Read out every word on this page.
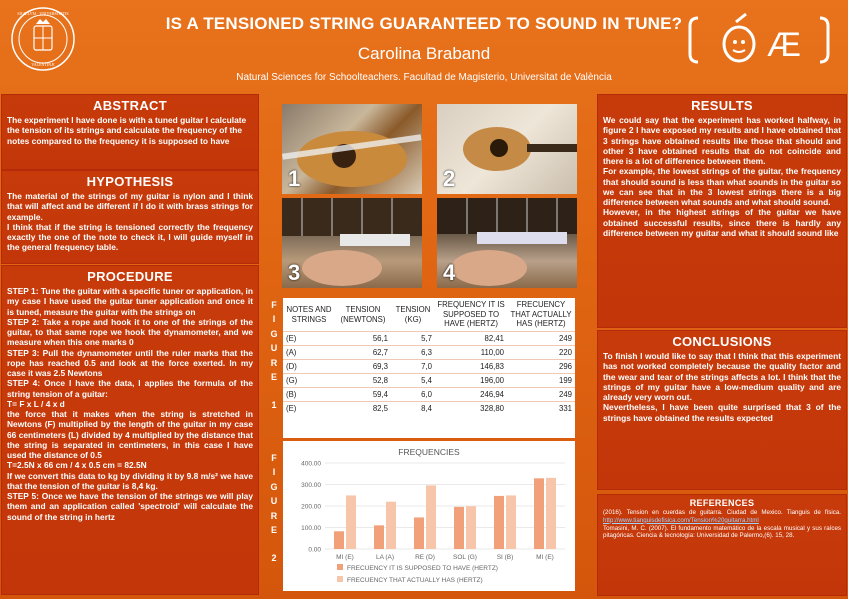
SIGILLVM · VNIVERSITATIS
VALENTINÆ
IS A TENSIONED STRING GUARANTEED TO SOUND IN TUNE?
Carolina Braband
Natural Sciences for Schoolteachers. Facultad de Magisterio, Universitat de València
Æ
ABSTRACT

The experiment I have done is with a tuned guitar I calculate the tension of its strings and calculate the frequency of the notes compared to the frequency it is supposed to have

HYPOTHESIS

The material of the strings of my guitar is nylon and I think that will affect and be different if I do it with brass strings for example.

I think that if the string is tensioned correctly the frequency exactly the one of the note to check it, I will guide myself in the general frequency table.

PROCEDURE

STEP 1: Tune the guitar with a specific tuner or application, in my case I have used the guitar tuner application and once it is tuned, measure the guitar with the strings on

STEP 2: Take a rope and hook it to one of the strings of the guitar, to that same rope we hook the dynamometer, and we measure when this one marks 0

STEP 3: Pull the dynamometer until the ruler marks that the rope has reached 0.5 and look at the force exerted. In my case it was 2.5 Newtons

STEP 4: Once I have the data, I applies the formula of the string tension of a guitar:

T= F x L / 4 x d

the force that it makes when the string is stretched in Newtons (F) multiplied by the length of the guitar in my case 66 centimeters (L) divided by 4 multiplied by the distance that the string is separated in centimeters, in this case I have used the distance of 0.5

T=2.5N x 66 cm / 4 x 0.5 cm = 82.5N

If we convert this data to kg by dividing it by 9.8 m/s² we have that the tension of the guitar is 8,4 kg.

STEP 5: Once we have the tension of the strings we will play them and an application called 'spectroid' will calculate the sound of the string in hertz

1	2
3	4
F
I
G
U
R
E
1
F
I
G
U
R
E
2
NOTES AND STRINGS	TENSION (NEWTONS)	TENSION (KG)	FREQUENCY IT IS SUPPOSED TO HAVE (HERTZ)	FRECUENCY THAT ACTUALLY HAS (HERTZ)
(E)	56,1	5,7	82,41	249
(A)	62,7	6,3	110,00	220
(D)	69,3	7,0	146,83	296
(G)	52,8	5,4	196,00	199
(B)	59,4	6,0	246,94	249
(E)	82,5	8,4	328,80	331
FREQUENCIES
0.00
100.00
200.00
300.00
400.00
MI (E)	LA (A)	RE (D)	SOL (G)	SI (B)	MI (E)
FRECUENCY IT IS SUPPOSED TO HAVE (HERTZ)
FRECUENCY THAT ACTUALLY HAS (HERTZ)
RESULTS

We could say that the experiment has worked halfway, in figure 2 I have exposed my results and I have obtained that 3 strings have obtained results like those that should and other 3 have obtained results that do not coincide and there is a lot of difference between them.

For example, the lowest strings of the guitar, the frequency that should sound is less than what sounds in the guitar so we can see that in the 3 lowest strings there is a big difference between what sounds and what should sound.

However, in the highest strings of the guitar we have obtained successful results, since there is hardly any difference between my guitar and what it should sound like

CONCLUSIONS

To finish I would like to say that I think that this experiment has not worked completely because the quality factor and the wear and tear of the strings affects a lot. I think that the strings of my guitar have a low-medium quality and are already very worn out.

Nevertheless, I have been quite surprised that 3 of the strings have obtained the results expected

REFERENCES

(2016). Tension en cuerdas de guitarra. Ciudad de Mexico. Tianguis de física. http://www.tianguisdefisica.com/Tension%20guitarra.html

Tomasini, M. C. (2007). El fundamento matemático de la escala musical y sus raíces pitagóricas. Ciencia & tecnología: Universidad de Palermo,(6). 15, 28.
